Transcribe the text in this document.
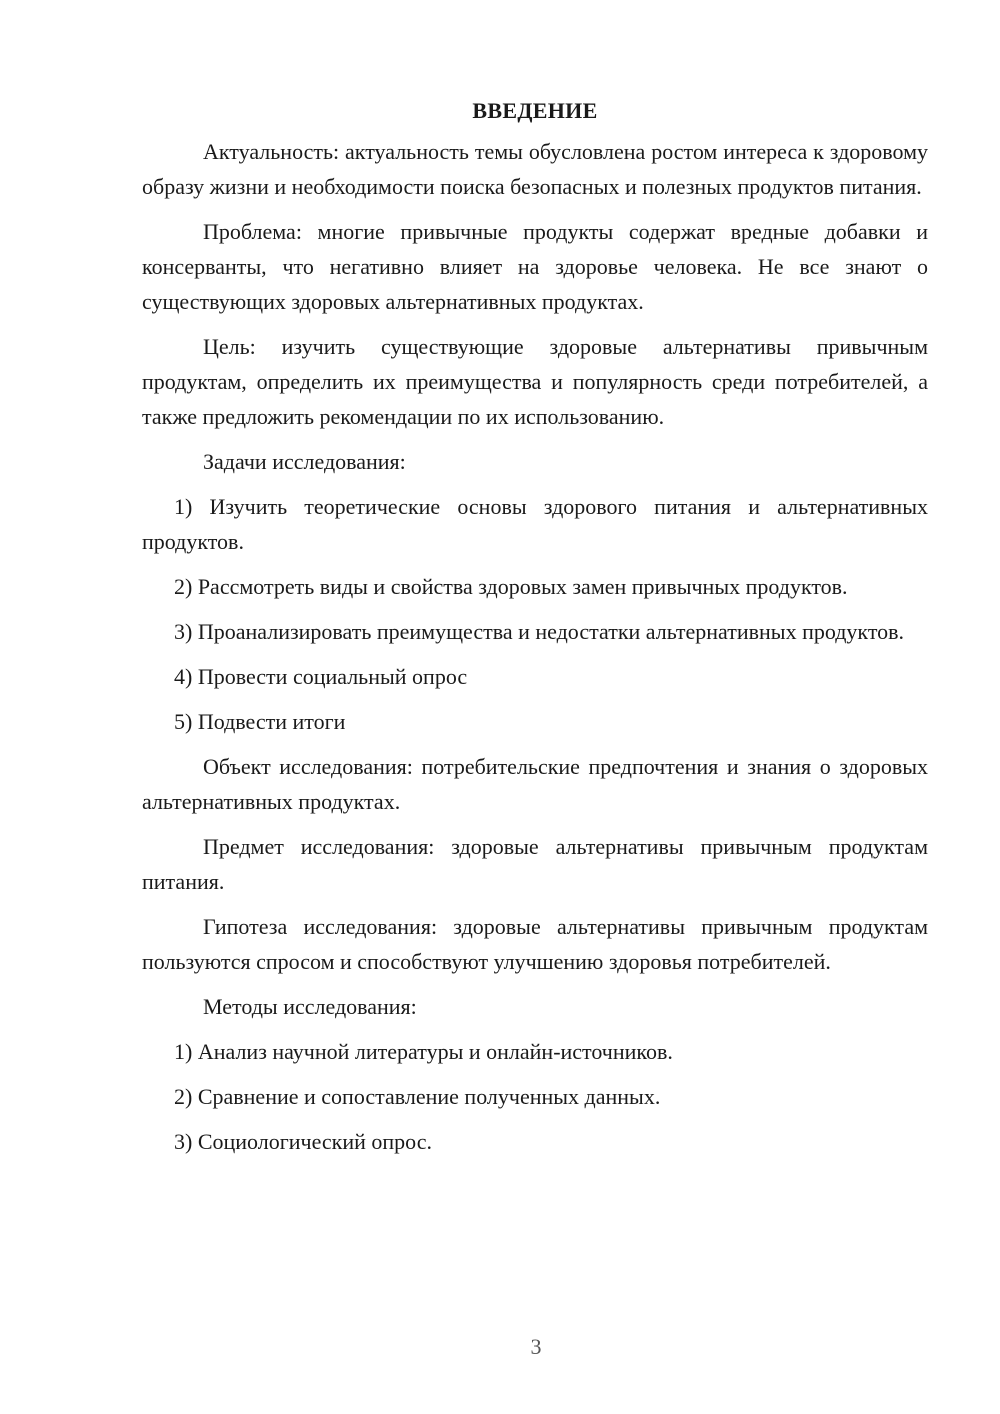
ВВЕДЕНИЕ

Актуальность: актуальность темы обусловлена ростом интереса к здоровому образу жизни и необходимости поиска безопасных и полезных продуктов питания.

Проблема: многие привычные продукты содержат вредные добавки и консерванты, что негативно влияет на здоровье человека. Не все знают о существующих здоровых альтернативных продуктах.

Цель: изучить существующие здоровые альтернативы привычным продуктам, определить их преимущества и популярность среди потребителей, а также предложить рекомендации по их использованию.

Задачи исследования:

1) Изучить теоретические основы здорового питания и альтернативных продуктов.

2) Рассмотреть виды и свойства здоровых замен привычных продуктов.

3) Проанализировать преимущества и недостатки альтернативных продуктов.

4) Провести социальный опрос

5) Подвести итоги

Объект исследования: потребительские предпочтения и знания о здоровых альтернативных продуктах.

Предмет исследования: здоровые альтернативы привычным продуктам питания.

Гипотеза исследования: здоровые альтернативы привычным продуктам пользуются спросом и способствуют улучшению здоровья потребителей.

Методы исследования:

1) Анализ научной литературы и онлайн-источников.

2) Сравнение и сопоставление полученных данных.

3) Социологический опрос.

3
